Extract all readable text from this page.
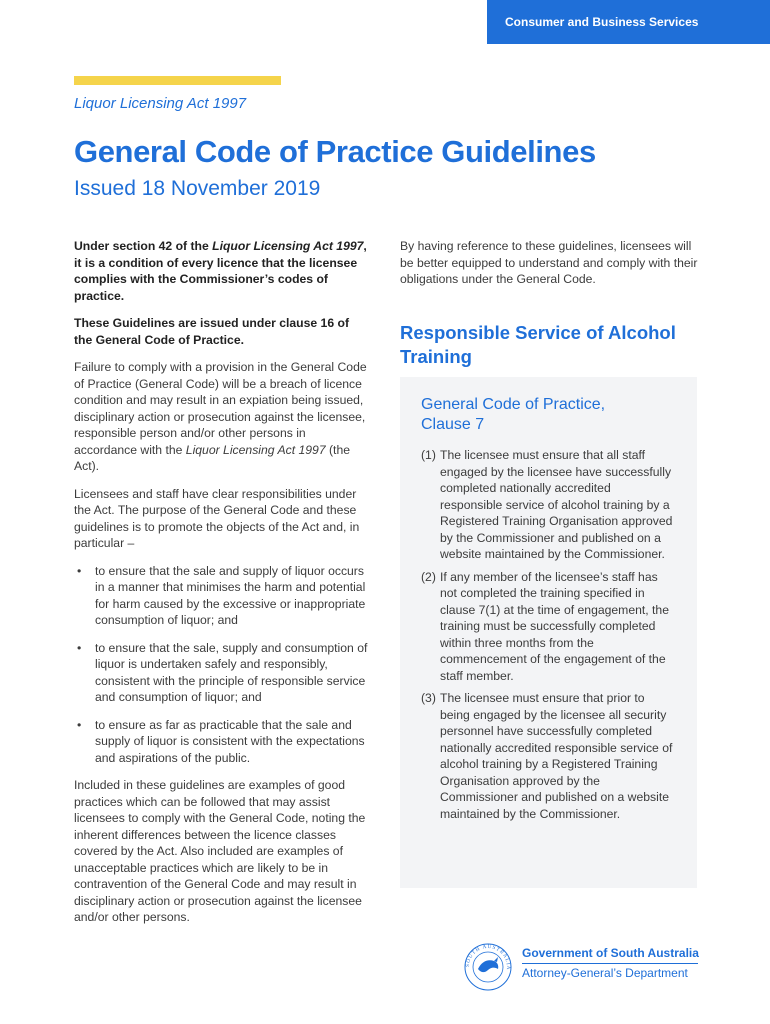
Consumer and Business Services
Liquor Licensing Act 1997
General Code of Practice Guidelines
Issued 18 November 2019

Under section 42 of the Liquor Licensing Act 1997, it is a condition of every licence that the licensee complies with the Commissioner’s codes of practice.

These Guidelines are issued under clause 16 of the General Code of Practice.

Failure to comply with a provision in the General Code of Practice (General Code) will be a breach of licence condition and may result in an expiation being issued, disciplinary action or prosecution against the licensee, responsible person and/or other persons in accordance with the Liquor Licensing Act 1997 (the Act).

Licensees and staff have clear responsibilities under the Act. The purpose of the General Code and these guidelines is to promote the objects of the Act and, in particular –

• to ensure that the sale and supply of liquor occurs in a manner that minimises the harm and potential for harm caused by the excessive or inappropriate consumption of liquor; and
• to ensure that the sale, supply and consumption of liquor is undertaken safely and responsibly, consistent with the principle of responsible service and consumption of liquor; and
• to ensure as far as practicable that the sale and supply of liquor is consistent with the expectations and aspirations of the public.

Included in these guidelines are examples of good practices which can be followed that may assist licensees to comply with the General Code, noting the inherent differences between the licence classes covered by the Act. Also included are examples of unacceptable practices which are likely to be in contravention of the General Code and may result in disciplinary action or prosecution against the licensee and/or other persons.

By having reference to these guidelines, licensees will be better equipped to understand and comply with their obligations under the General Code.

Responsible Service of Alcohol Training
General Code of Practice, Clause 7
(1) The licensee must ensure that all staff engaged by the licensee have successfully completed nationally accredited responsible service of alcohol training by a Registered Training Organisation approved by the Commissioner and published on a website maintained by the Commissioner.
(2) If any member of the licensee’s staff has not completed the training specified in clause 7(1) at the time of engagement, the training must be successfully completed within three months from the commencement of the engagement of the staff member.
(3) The licensee must ensure that prior to being engaged by the licensee all security personnel have successfully completed nationally accredited responsible service of alcohol training by a Registered Training Organisation approved by the Commissioner and published on a website maintained by the Commissioner.
SOUTH AUSTRALIA
Government of South Australia
Attorney-General’s Department
